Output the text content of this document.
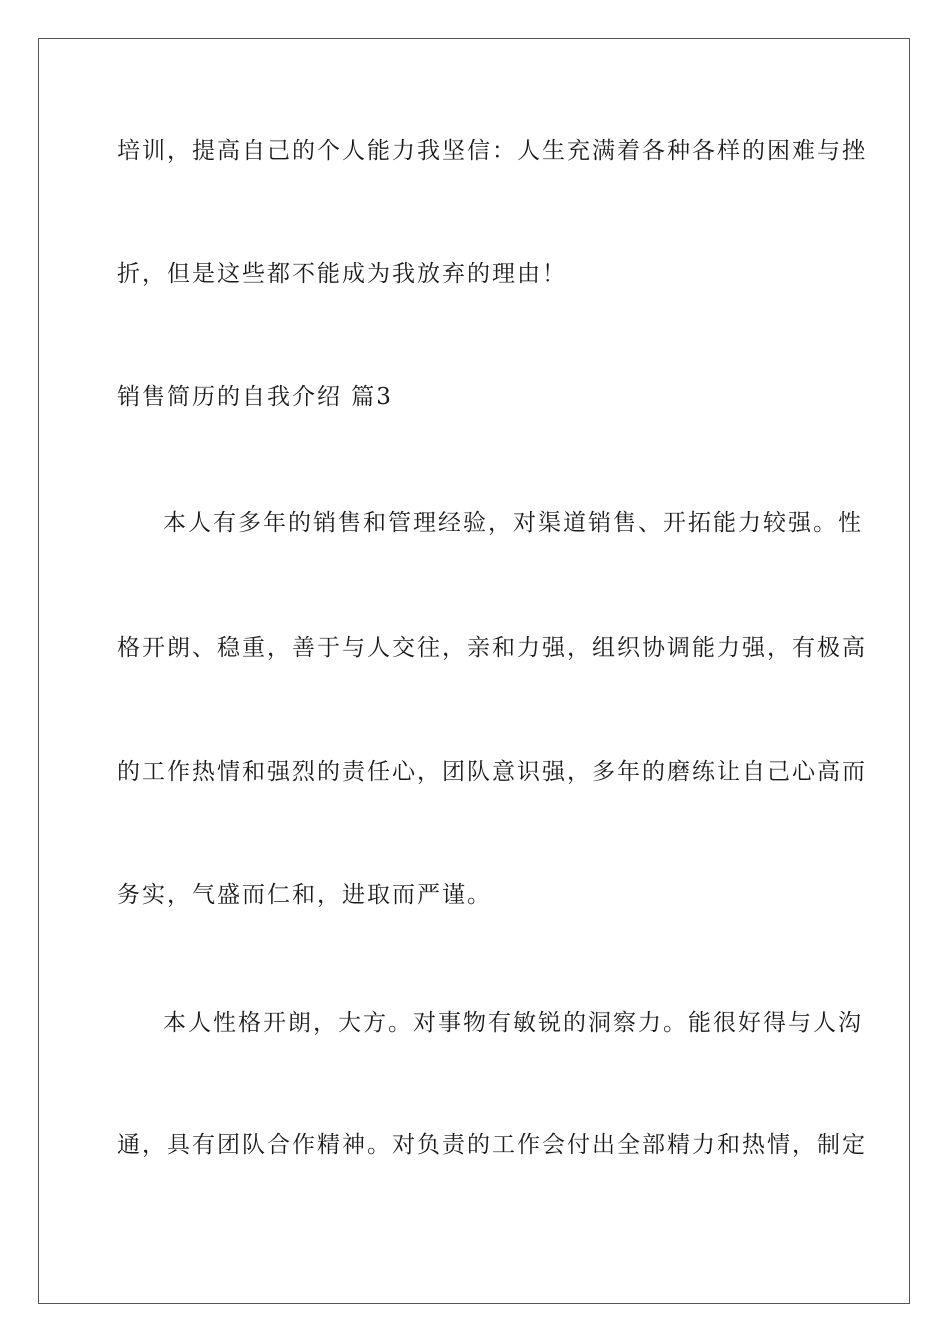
培训，提高自己的个人能力我坚信：人生充满着各种各样的困难与挫
折，但是这些都不能成为我放弃的理由！
销售简历的自我介绍 篇3
本人有多年的销售和管理经验，对渠道销售、开拓能力较强。性
格开朗、稳重，善于与人交往，亲和力强，组织协调能力强，有极高
的工作热情和强烈的责任心，团队意识强，多年的磨练让自己心高而
务实，气盛而仁和，进取而严谨。
本人性格开朗，大方。对事物有敏锐的洞察力。能很好得与人沟
通，具有团队合作精神。对负责的工作会付出全部精力和热情，制定
